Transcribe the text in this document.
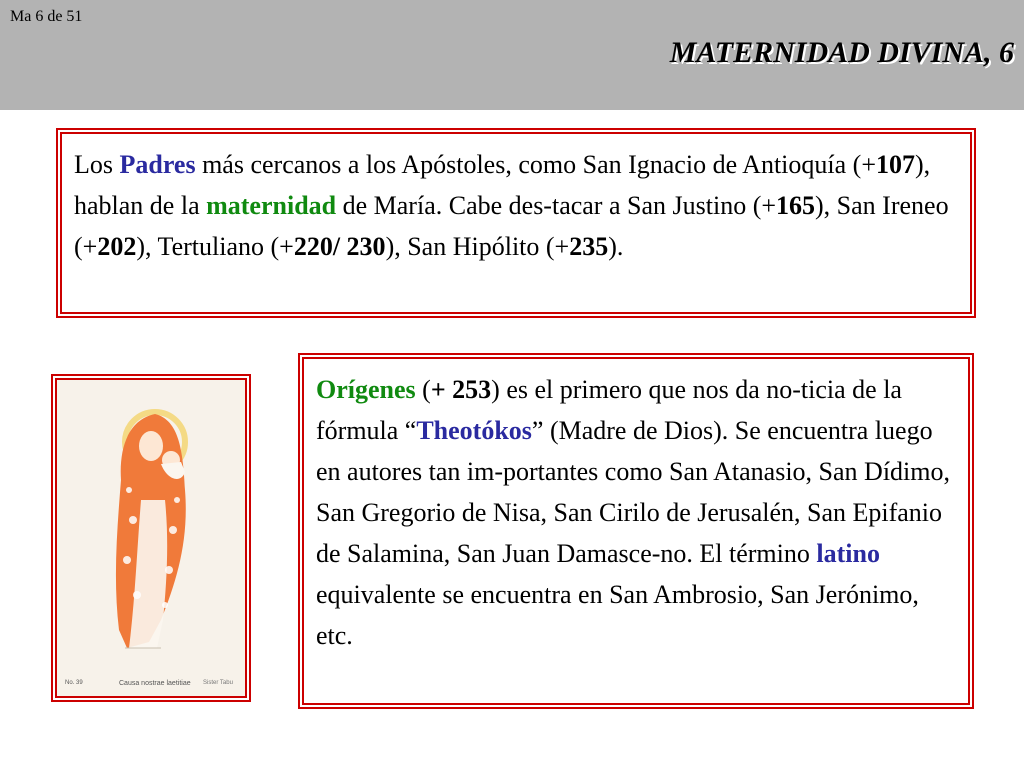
Ma 6 de 51
MATERNIDAD DIVINA, 6
Los Padres más cercanos a los Apóstoles, como San Ignacio de Antioquía (+107), hablan de la maternidad de María. Cabe des-tacar a San Justino (+165), San Ireneo (+202), Tertuliano (+220/ 230), San Hipólito (+235).
No. 39	Causa nostrae laetitiae Sister Tabu
Orígenes (+ 253) es el primero que nos da no-ticia de la fórmula “Theotókos” (Madre de Dios). Se encuentra luego en autores tan im-portantes como San Atanasio, San Dídimo, San Gregorio de Nisa, San Cirilo de Jerusalén, San Epifanio de Salamina, San Juan Damasce-no. El término latino equivalente se encuentra en San Ambrosio, San Jerónimo, etc.
